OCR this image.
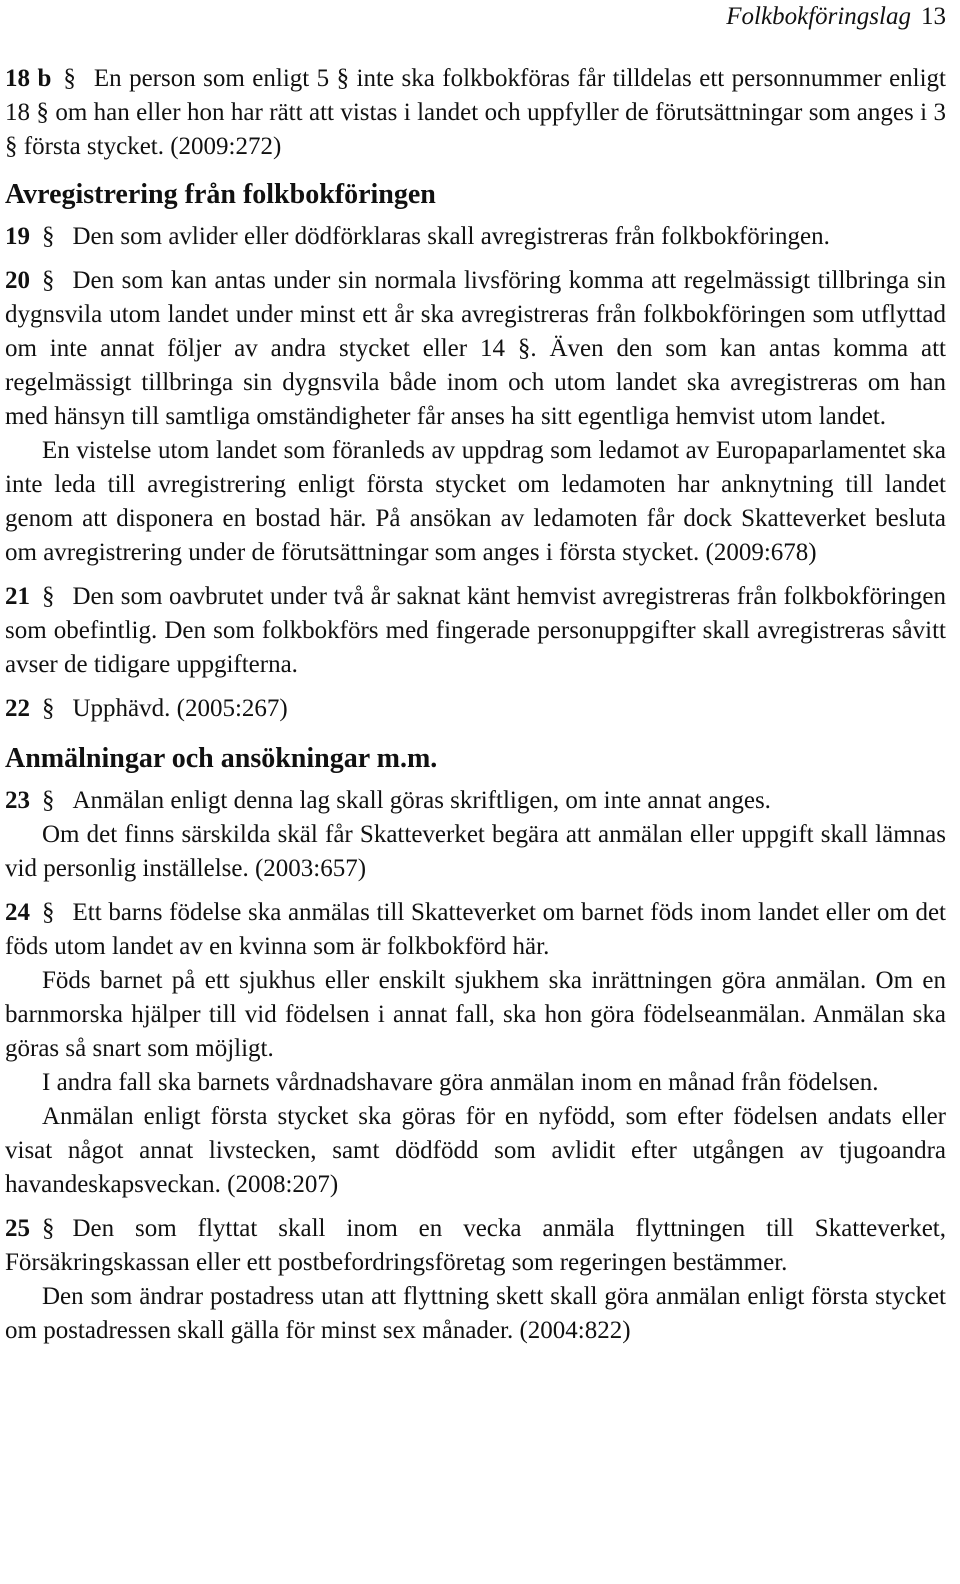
Folkbokföringslag 13

18 b § En person som enligt 5 § inte ska folkbokföras får tilldelas ett personnummer enligt 18 § om han eller hon har rätt att vistas i landet och uppfyller de förutsättningar som anges i 3 § första stycket. (2009:272)

Avregistrering från folkbokföringen

19 § Den som avlider eller dödförklaras skall avregistreras från folkbokföringen.

20 § Den som kan antas under sin normala livsföring komma att regelmässigt tillbringa sin dygnsvila utom landet under minst ett år ska avregistreras från folkbokföringen som utflyttad om inte annat följer av andra stycket eller 14 §. Även den som kan antas komma att regelmässigt tillbringa sin dygnsvila både inom och utom landet ska avregistreras om han med hänsyn till samtliga omständigheter får anses ha sitt egentliga hemvist utom landet.

En vistelse utom landet som föranleds av uppdrag som ledamot av Europaparlamentet ska inte leda till avregistrering enligt första stycket om ledamoten har anknytning till landet genom att disponera en bostad här. På ansökan av ledamoten får dock Skatteverket besluta om avregistrering under de förutsättningar som anges i första stycket. (2009:678)

21 § Den som oavbrutet under två år saknat känt hemvist avregistreras från folkbokföringen som obefintlig. Den som folkbokförs med fingerade personuppgifter skall avregistreras såvitt avser de tidigare uppgifterna.

22 § Upphävd. (2005:267)

Anmälningar och ansökningar m.m.

23 § Anmälan enligt denna lag skall göras skriftligen, om inte annat anges.

Om det finns särskilda skäl får Skatteverket begära att anmälan eller uppgift skall lämnas vid personlig inställelse. (2003:657)

24 § Ett barns födelse ska anmälas till Skatteverket om barnet föds inom landet eller om det föds utom landet av en kvinna som är folkbokförd här.

Föds barnet på ett sjukhus eller enskilt sjukhem ska inrättningen göra anmälan. Om en barnmorska hjälper till vid födelsen i annat fall, ska hon göra födelseanmälan. Anmälan ska göras så snart som möjligt.

I andra fall ska barnets vårdnadshavare göra anmälan inom en månad från födelsen.

Anmälan enligt första stycket ska göras för en nyfödd, som efter födelsen andats eller visat något annat livstecken, samt dödfödd som avlidit efter utgången av tjugoandra havandeskapsveckan. (2008:207)

25 § Den som flyttat skall inom en vecka anmäla flyttningen till Skatteverket, Försäkringskassan eller ett postbefordringsföretag som regeringen bestämmer.

Den som ändrar postadress utan att flyttning skett skall göra anmälan enligt första stycket om postadressen skall gälla för minst sex månader. (2004:822)
